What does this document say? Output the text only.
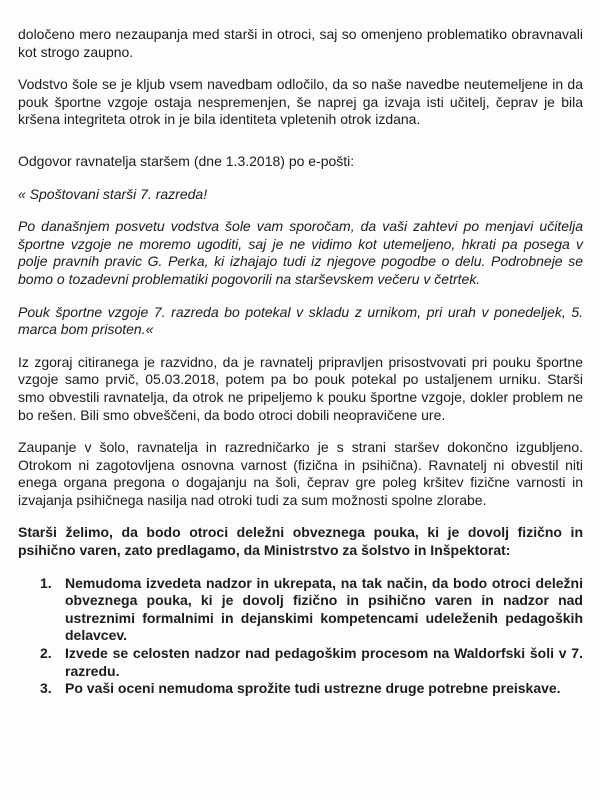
določeno mero nezaupanja med starši in otroci, saj so omenjeno problematiko obravnavali kot strogo zaupno.

Vodstvo šole se je kljub vsem navedbam odločilo, da so naše navedbe neutemeljene in da pouk športne vzgoje ostaja nespremenjen, še naprej ga izvaja isti učitelj, čeprav je bila kršena integriteta otrok in je bila identiteta vpletenih otrok izdana.

Odgovor ravnatelja staršem (dne 1.3.2018) po e-pošti:

« Spoštovani starši 7. razreda!

Po današnjem posvetu vodstva šole vam sporočam, da vaši zahtevi po menjavi učitelja športne vzgoje ne moremo ugoditi, saj je ne vidimo kot utemeljeno, hkrati pa posega v polje pravnih pravic G. Perka, ki izhajajo tudi iz njegove pogodbe o delu. Podrobneje se bomo o tozadevni problematiki pogovorili na starševskem večeru v četrtek.

Pouk športne vzgoje 7. razreda bo potekal v skladu z urnikom, pri urah v ponedeljek, 5. marca bom prisoten.«

Iz zgoraj citiranega je razvidno, da je ravnatelj pripravljen prisostvovati pri pouku športne vzgoje samo prvič, 05.03.2018, potem pa bo pouk potekal po ustaljenem urniku. Starši smo obvestili ravnatelja, da otrok ne pripeljemo k pouku športne vzgoje, dokler problem ne bo rešen. Bili smo obveščeni, da bodo otroci dobili neopravičene ure.

Zaupanje v šolo, ravnatelja in razredničarko je s strani staršev dokončno izgubljeno. Otrokom ni zagotovljena osnovna varnost (fizična in psihična). Ravnatelj ni obvestil niti enega organa pregona o dogajanju na šoli, čeprav gre poleg kršitev fizične varnosti in izvajanja psihičnega nasilja nad otroki tudi za sum možnosti spolne zlorabe.

Starši želimo, da bodo otroci deležni obveznega pouka, ki je dovolj fizično in psihično varen, zato predlagamo, da Ministrstvo za šolstvo in Inšpektorat:

1. Nemudoma izvedeta nadzor in ukrepata, na tak način, da bodo otroci deležni obveznega pouka, ki je dovolj fizično in psihično varen in nadzor nad ustreznimi formalnimi in dejanskimi kompetencami udeleženih pedagoških delavcev.
2. Izvede se celosten nadzor nad pedagoškim procesom na Waldorfski šoli v 7. razredu.
3. Po vaši oceni nemudoma sprožite tudi ustrezne druge potrebne preiskave.
